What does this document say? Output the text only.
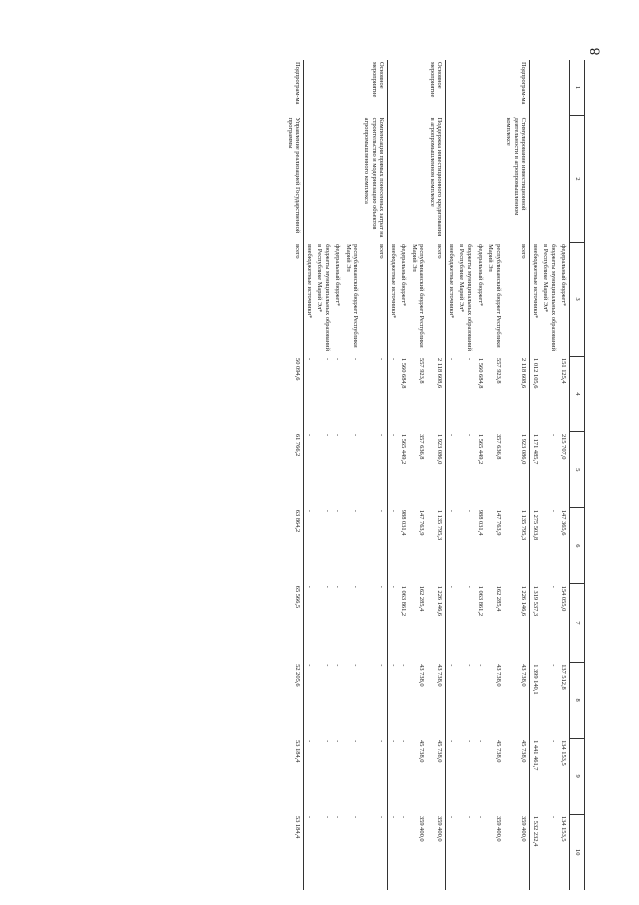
8
1	2	3	4	5	6	7	8	9	10
		федеральный бюджет*	151 125,4	215 707,0	147 365,6	154 055,0	137 512,8	134 153,5	134 153,5
		бюджеты муниципальных образований в Республике Марий Эл*		-	-	-	-	-	-
		внебюджетные источники*	1 012 105,6	1 171 485,7	1 275 503,8	1 319 537,3	1 399 140,1	1 441 461,7	1 532 232,4
Подпрограм-ма	Стимулирование инвестиционной деятельности в агропромышленном комплексе	всего	2 118 608,6	1 923 086,0	1 135 795,3	1 226 146,6	43 738,0	45 738,0	359 400,0
		республиканский бюджет Республики Марий Эл	557 923,8	357 636,8	147 763,9	162 285,4	43 738,0	45 738,0	359 400,0
		федеральный бюджет*	1 560 684,8	1 565 449,2	988 031,4	1 063 861,2	-	-	-
		бюджеты муниципальных образований в Республике Марий Эл*	-	-	-	-	-	-	-
		внебюджетные источники*	-	-	-	-	-	-	-
Основное мероприятие	Поддержка инвестиционного кредитования в агропромышленном комплексе	всего	2 118 608,6	1 923 086,0	1 135 795,3	1 226 146,6	43 738,0	45 738,0	359 400,0
		республиканский бюджет Республики Марий Эл	557 923,8	357 636,8	147 763,9	162 285,4	43 738,0	45 738,0	359 400,0
		федеральный бюджет*	1 560 684,8	1 565 449,2	988 031,4	1 063 861,2	-	-	-
		внебюджетные источники*	-	-	-	-	-	-	-
Основное мероприятие	Компенсация прямых понесенных затрат на строительство и модернизацию объектов агропромышленного комплекса	всего	-	-	-	-	-	-	-
		республиканский бюджет Республики Марий Эл	-	-	-	-	-	-	-
		федеральный бюджет*	-	-	-	-	-	-	-
		бюджеты муниципальных образований в Республике Марий Эл*	-	-	-	-	-	-	-
		внебюджетные источники*	-	-	-	-	-	-	-
Подпрограм-ма	Управление реализацией Государственной программы	всего	50 094,6	61 766,2	63 864,2	65 566,5	52 205,6	53 184,4	53 184,4
